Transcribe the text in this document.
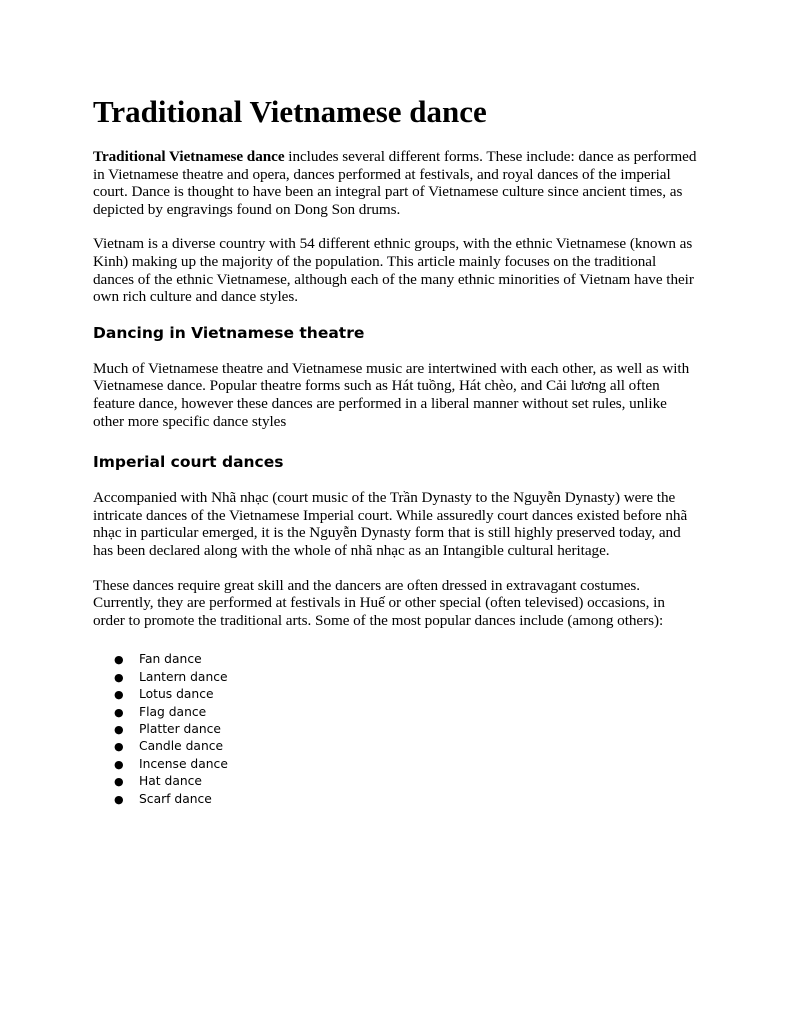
Traditional Vietnamese dance

Traditional Vietnamese dance includes several different forms. These include: dance as performed in Vietnamese theatre and opera, dances performed at festivals, and royal dances of the imperial court. Dance is thought to have been an integral part of Vietnamese culture since ancient times, as depicted by engravings found on Dong Son drums.

Vietnam is a diverse country with 54 different ethnic groups, with the ethnic Vietnamese (known as Kinh) making up the majority of the population. This article mainly focuses on the traditional dances of the ethnic Vietnamese, although each of the many ethnic minorities of Vietnam have their own rich culture and dance styles.

Dancing in Vietnamese theatre

Much of Vietnamese theatre and Vietnamese music are intertwined with each other, as well as with Vietnamese dance. Popular theatre forms such as Hát tuồng, Hát chèo, and Cải lương all often feature dance, however these dances are performed in a liberal manner without set rules, unlike other more specific dance styles

Imperial court dances

Accompanied with Nhã nhạc (court music of the Trần Dynasty to the Nguyễn Dynasty) were the intricate dances of the Vietnamese Imperial court. While assuredly court dances existed before nhã nhạc in particular emerged, it is the Nguyễn Dynasty form that is still highly preserved today, and has been declared along with the whole of nhã nhạc as an Intangible cultural heritage.

These dances require great skill and the dancers are often dressed in extravagant costumes. Currently, they are performed at festivals in Huế or other special (often televised) occasions, in order to promote the traditional arts. Some of the most popular dances include (among others):

● Fan dance
● Lantern dance
● Lotus dance
● Flag dance
● Platter dance
● Candle dance
● Incense dance
● Hat dance
● Scarf dance
